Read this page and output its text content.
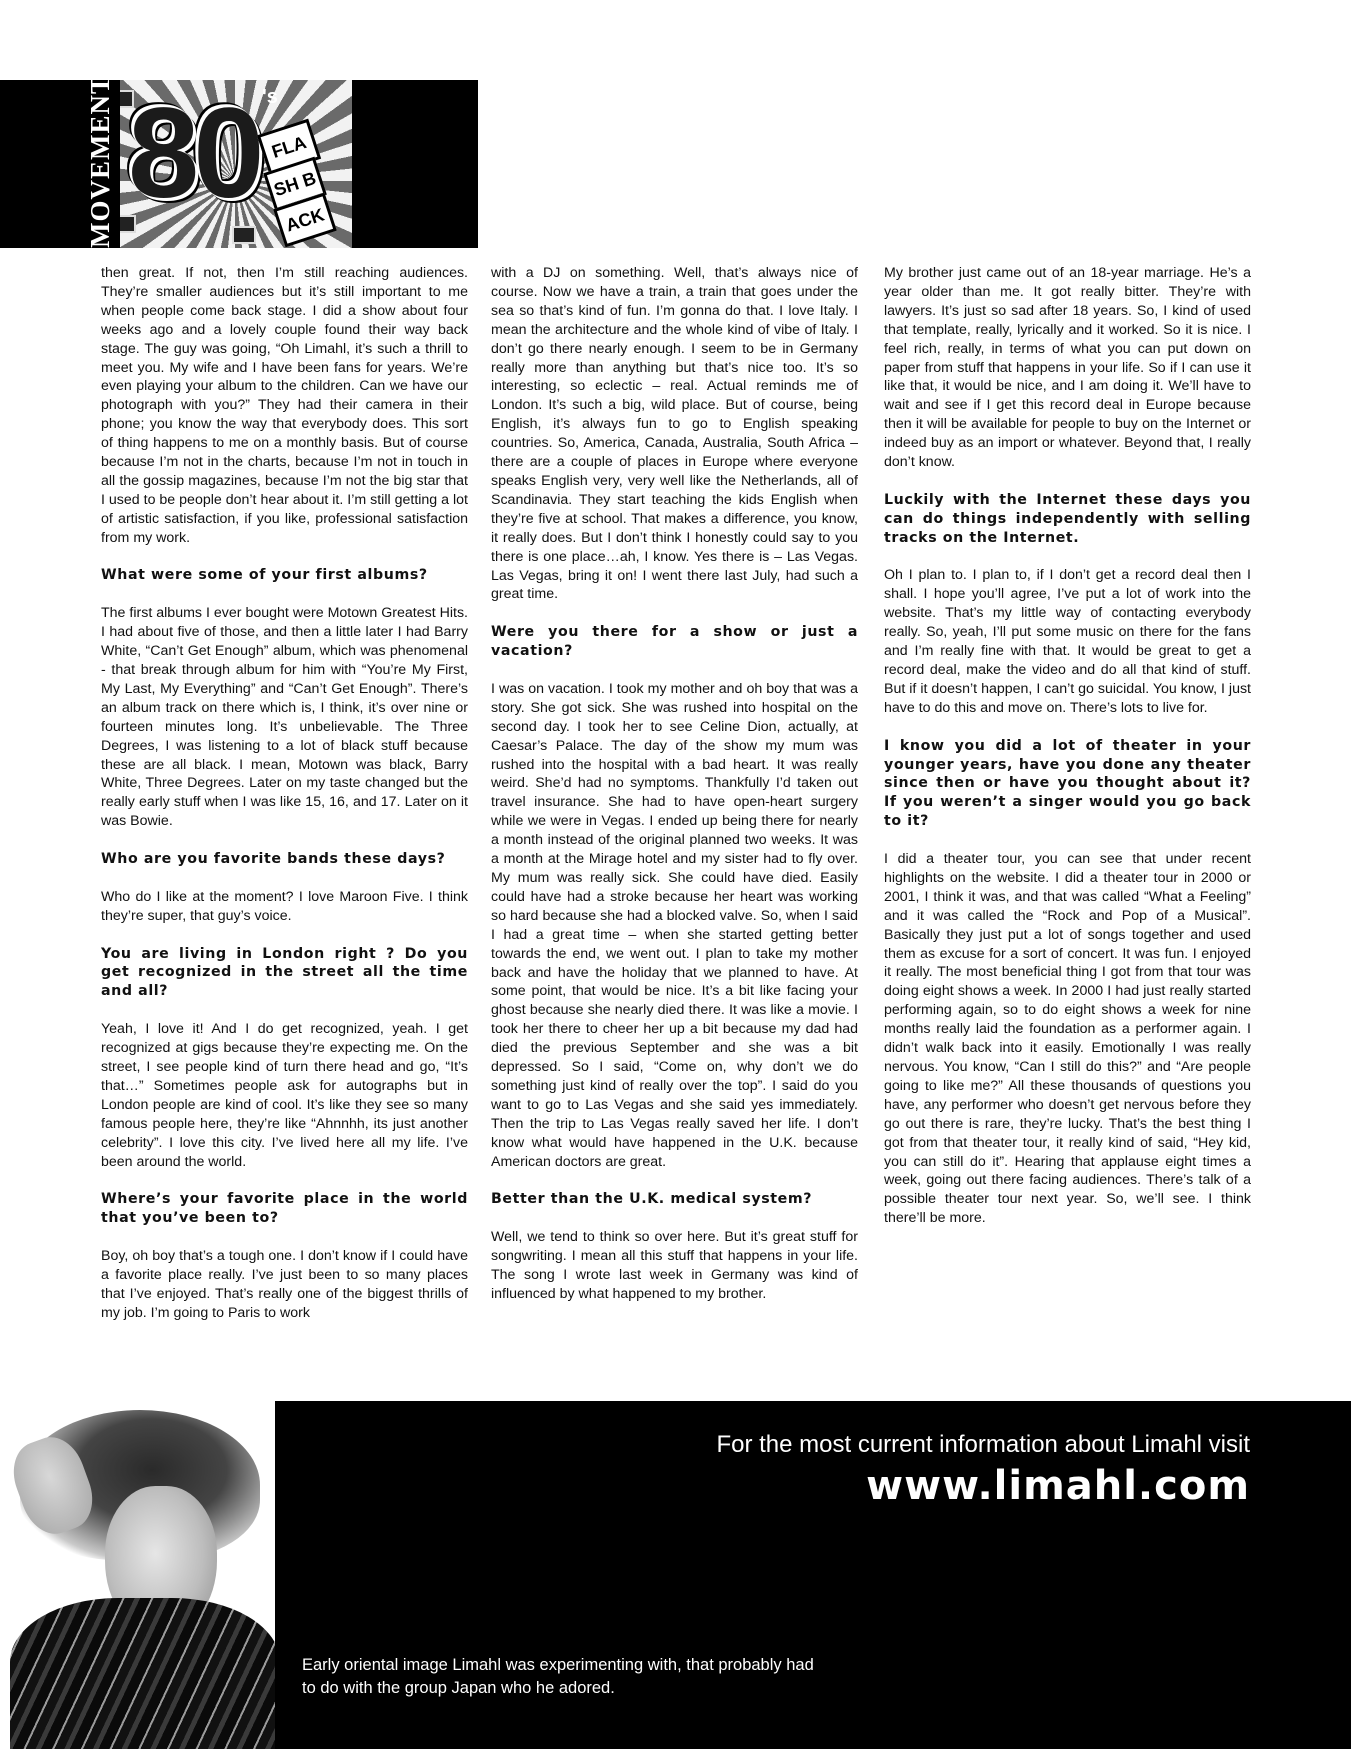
MOVEMENT 80 's
FLA
SH B
ACK

then great. If not, then I’m still reaching audiences. They’re smaller audiences but it’s still important to me when people come back stage. I did a show about four weeks ago and a lovely couple found their way back stage. The guy was going, “Oh Limahl, it’s such a thrill to meet you. My wife and I have been fans for years. We’re even playing your album to the children. Can we have our photograph with you?” They had their camera in their phone; you know the way that everybody does. This sort of thing happens to me on a monthly basis. But of course because I’m not in the charts, because I’m not in touch in all the gossip magazines, because I’m not the big star that I used to be people don’t hear about it. I’m still getting a lot of artistic satisfaction, if you like, professional satisfaction from my work.

What were some of your first albums?

The first albums I ever bought were Motown Greatest Hits. I had about five of those, and then a little later I had Barry White, “Can’t Get Enough” album, which was phenomenal - that break through album for him with “You’re My First, My Last, My Everything” and “Can’t Get Enough”. There’s an album track on there which is, I think, it’s over nine or fourteen minutes long. It’s unbelievable. The Three Degrees, I was listening to a lot of black stuff because these are all black. I mean, Motown was black, Barry White, Three Degrees. Later on my taste changed but the really early stuff when I was like 15, 16, and 17. Later on it was Bowie.

Who are you favorite bands these days?

Who do I like at the moment? I love Maroon Five. I think they’re super, that guy’s voice.

You are living in London right ? Do you get recognized in the street all the time and all?

Yeah, I love it! And I do get recognized, yeah. I get recognized at gigs because they’re expecting me. On the street, I see people kind of turn there head and go, “It’s that…” Sometimes people ask for autographs but in London people are kind of cool. It’s like they see so many famous people here, they’re like “Ahnnhh, its just another celebrity”. I love this city. I’ve lived here all my life. I’ve been around the world.

Where’s your favorite place in the world that you’ve been to?

Boy, oh boy that’s a tough one. I don’t know if I could have a favorite place really. I’ve just been to so many places that I’ve enjoyed. That’s really one of the biggest thrills of my job. I’m going to Paris to work

with a DJ on something. Well, that’s always nice of course. Now we have a train, a train that goes under the sea so that’s kind of fun. I’m gonna do that. I love Italy. I mean the architecture and the whole kind of vibe of Italy. I don’t go there nearly enough. I seem to be in Germany really more than anything but that’s nice too. It’s so interesting, so eclectic – real. Actual reminds me of London. It’s such a big, wild place. But of course, being English, it’s always fun to go to English speaking countries. So, America, Canada, Australia, South Africa – there are a couple of places in Europe where everyone speaks English very, very well like the Netherlands, all of Scandinavia. They start teaching the kids English when they’re five at school. That makes a difference, you know, it really does. But I don’t think I honestly could say to you there is one place…ah, I know. Yes there is – Las Vegas. Las Vegas, bring it on! I went there last July, had such a great time.

Were you there for a show or just a vacation?

I was on vacation. I took my mother and oh boy that was a story. She got sick. She was rushed into hospital on the second day. I took her to see Celine Dion, actually, at Caesar’s Palace. The day of the show my mum was rushed into the hospital with a bad heart. It was really weird. She’d had no symptoms. Thankfully I’d taken out travel insurance. She had to have open-heart surgery while we were in Vegas. I ended up being there for nearly a month instead of the original planned two weeks. It was a month at the Mirage hotel and my sister had to fly over. My mum was really sick. She could have died. Easily could have had a stroke because her heart was working so hard because she had a blocked valve. So, when I said I had a great time – when she started getting better towards the end, we went out. I plan to take my mother back and have the holiday that we planned to have. At some point, that would be nice. It’s a bit like facing your ghost because she nearly died there. It was like a movie. I took her there to cheer her up a bit because my dad had died the previous September and she was a bit depressed. So I said, “Come on, why don’t we do something just kind of really over the top”. I said do you want to go to Las Vegas and she said yes immediately. Then the trip to Las Vegas really saved her life. I don’t know what would have happened in the U.K. because American doctors are great.

Better than the U.K. medical system?

Well, we tend to think so over here. But it’s great stuff for songwriting. I mean all this stuff that happens in your life. The song I wrote last week in Germany was kind of influenced by what happened to my brother.

My brother just came out of an 18-year marriage. He’s a year older than me. It got really bitter. They’re with lawyers. It’s just so sad after 18 years. So, I kind of used that template, really, lyrically and it worked. So it is nice. I feel rich, really, in terms of what you can put down on paper from stuff that happens in your life. So if I can use it like that, it would be nice, and I am doing it. We’ll have to wait and see if I get this record deal in Europe because then it will be available for people to buy on the Internet or indeed buy as an import or whatever. Beyond that, I really don’t know.

Luckily with the Internet these days you can do things independently with selling tracks on the Internet.

Oh I plan to. I plan to, if I don’t get a record deal then I shall. I hope you’ll agree, I’ve put a lot of work into the website. That’s my little way of contacting everybody really. So, yeah, I’ll put some music on there for the fans and I’m really fine with that. It would be great to get a record deal, make the video and do all that kind of stuff. But if it doesn’t happen, I can’t go suicidal. You know, I just have to do this and move on. There’s lots to live for.

I know you did a lot of theater in your younger years, have you done any theater since then or have you thought about it? If you weren’t a singer would you go back to it?

I did a theater tour, you can see that under recent highlights on the website. I did a theater tour in 2000 or 2001, I think it was, and that was called “What a Feeling” and it was called the “Rock and Pop of a Musical”. Basically they just put a lot of songs together and used them as excuse for a sort of concert. It was fun. I enjoyed it really. The most beneficial thing I got from that tour was doing eight shows a week. In 2000 I had just really started performing again, so to do eight shows a week for nine months really laid the foundation as a performer again. I didn’t walk back into it easily. Emotionally I was really nervous. You know, “Can I still do this?” and “Are people going to like me?” All these thousands of questions you have, any performer who doesn’t get nervous before they go out there is rare, they’re lucky. That’s the best thing I got from that theater tour, it really kind of said, “Hey kid, you can still do it”. Hearing that applause eight times a week, going out there facing audiences. There’s talk of a possible theater tour next year. So, we’ll see. I think there’ll be more.

For the most current information about Limahl visit
www.limahl.com
Early oriental image Limahl was experimenting with, that probably had to do with the group Japan who he adored.
